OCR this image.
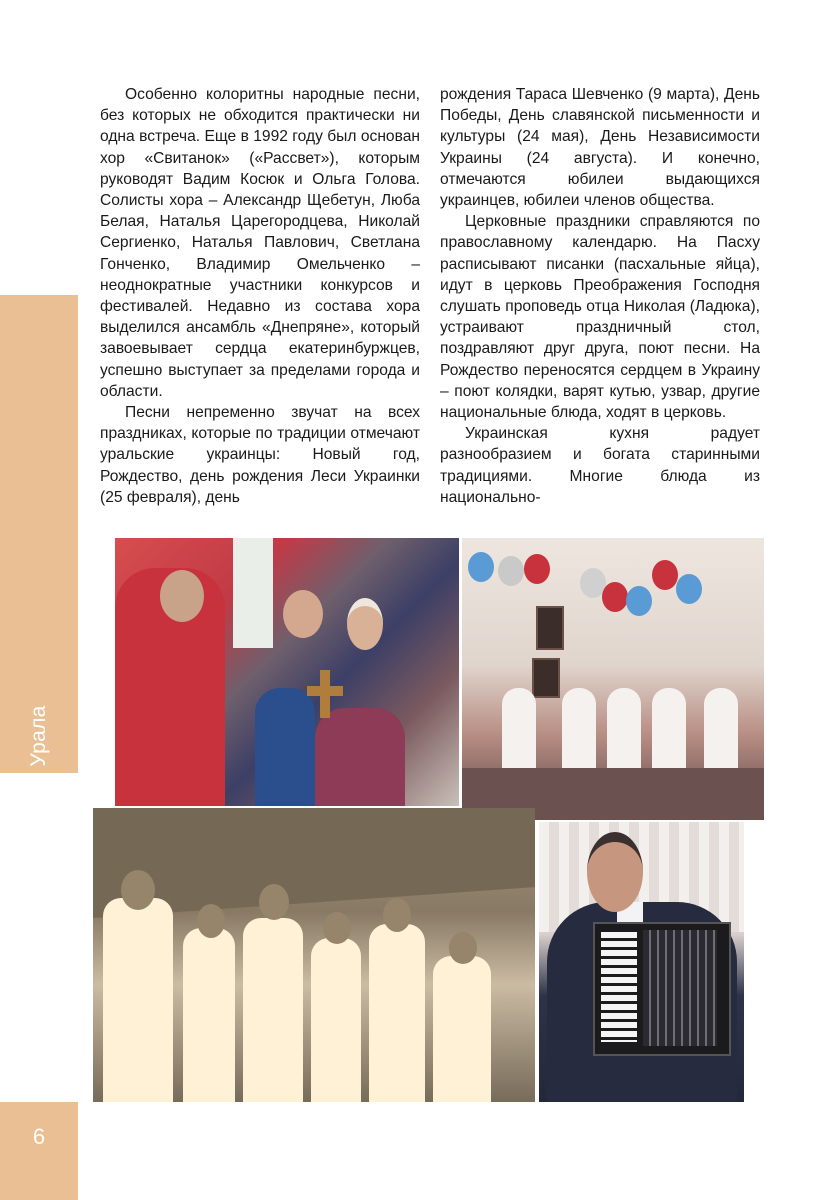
Народы Среднего Урала

Особенно колоритны народные песни, без которых не обходится практически ни одна встреча. Еще в 1992 году был основан хор «Свитанок» («Рассвет»), которым руководят Вадим Косюк и Ольга Голова. Солисты хора – Александр Щебетун, Люба Белая, Наталья Царегородцева, Николай Сергиенко, Наталья Павлович, Светлана Гонченко, Владимир Омельченко – неоднократные участники конкурсов и фестивалей. Недавно из состава хора выделился ансамбль «Днепряне», который завоевывает сердца екатеринбуржцев, успешно выступает за пределами города и области.

Песни непременно звучат на всех праздниках, которые по традиции отмечают уральские украинцы: Новый год, Рождество, день рождения Леси Украинки (25 февраля), день

рождения Тараса Шевченко (9 марта), День Победы, День славянской письменности и культуры (24 мая), День Независимости Украины (24 августа). И конечно, отмечаются юбилеи выдающихся украинцев, юбилеи членов общества.

Церковные праздники справляются по православному календарю. На Пасху расписывают писанки (пасхальные яйца), идут в церковь Преображения Господня слушать проповедь отца Николая (Ладюка), устраивают праздничный стол, поздравляют друг друга, поют песни. На Рождество переносятся сердцем в Украину – поют колядки, варят кутью, узвар, другие национальные блюда, ходят в церковь.

Украинская кухня радует разнообразием и богата старинными традициями. Многие блюда из национально-

6
